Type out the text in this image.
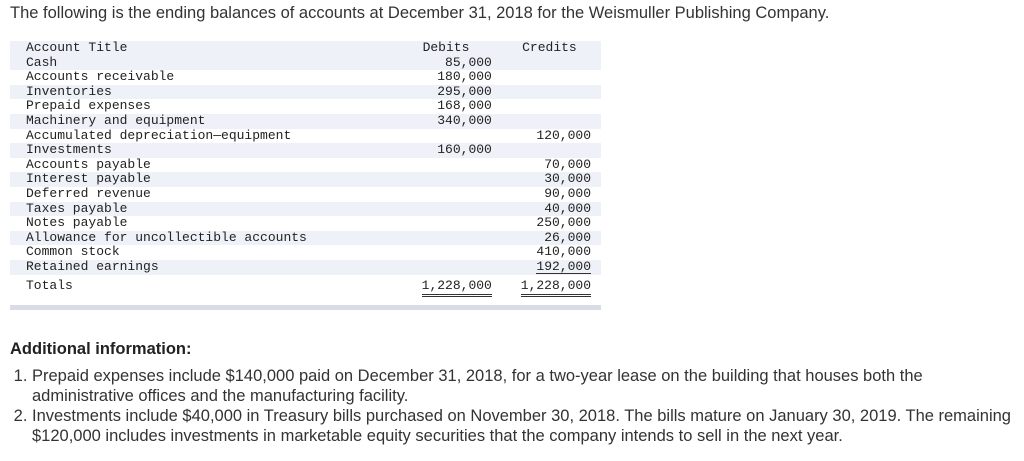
The following is the ending balances of accounts at December 31, 2018 for the Weismuller Publishing Company.
Account Title	Debits	Credits
Cash	85,000	
Accounts receivable	180,000	
Inventories	295,000	
Prepaid expenses	168,000	
Machinery and equipment	340,000	
Accumulated depreciation—equipment		120,000
Investments	160,000	
Accounts payable		70,000
Interest payable		30,000
Deferred revenue		90,000
Taxes payable		40,000
Notes payable		250,000
Allowance for uncollectible accounts		26,000
Common stock		410,000
Retained earnings		192,000
Totals	1,228,000	1,228,000
Additional information:
1. Prepaid expenses include $140,000 paid on December 31, 2018, for a two-year lease on the building that houses both the administrative offices and the manufacturing facility.
2. Investments include $40,000 in Treasury bills purchased on November 30, 2018. The bills mature on January 30, 2019. The remaining $120,000 includes investments in marketable equity securities that the company intends to sell in the next year.
